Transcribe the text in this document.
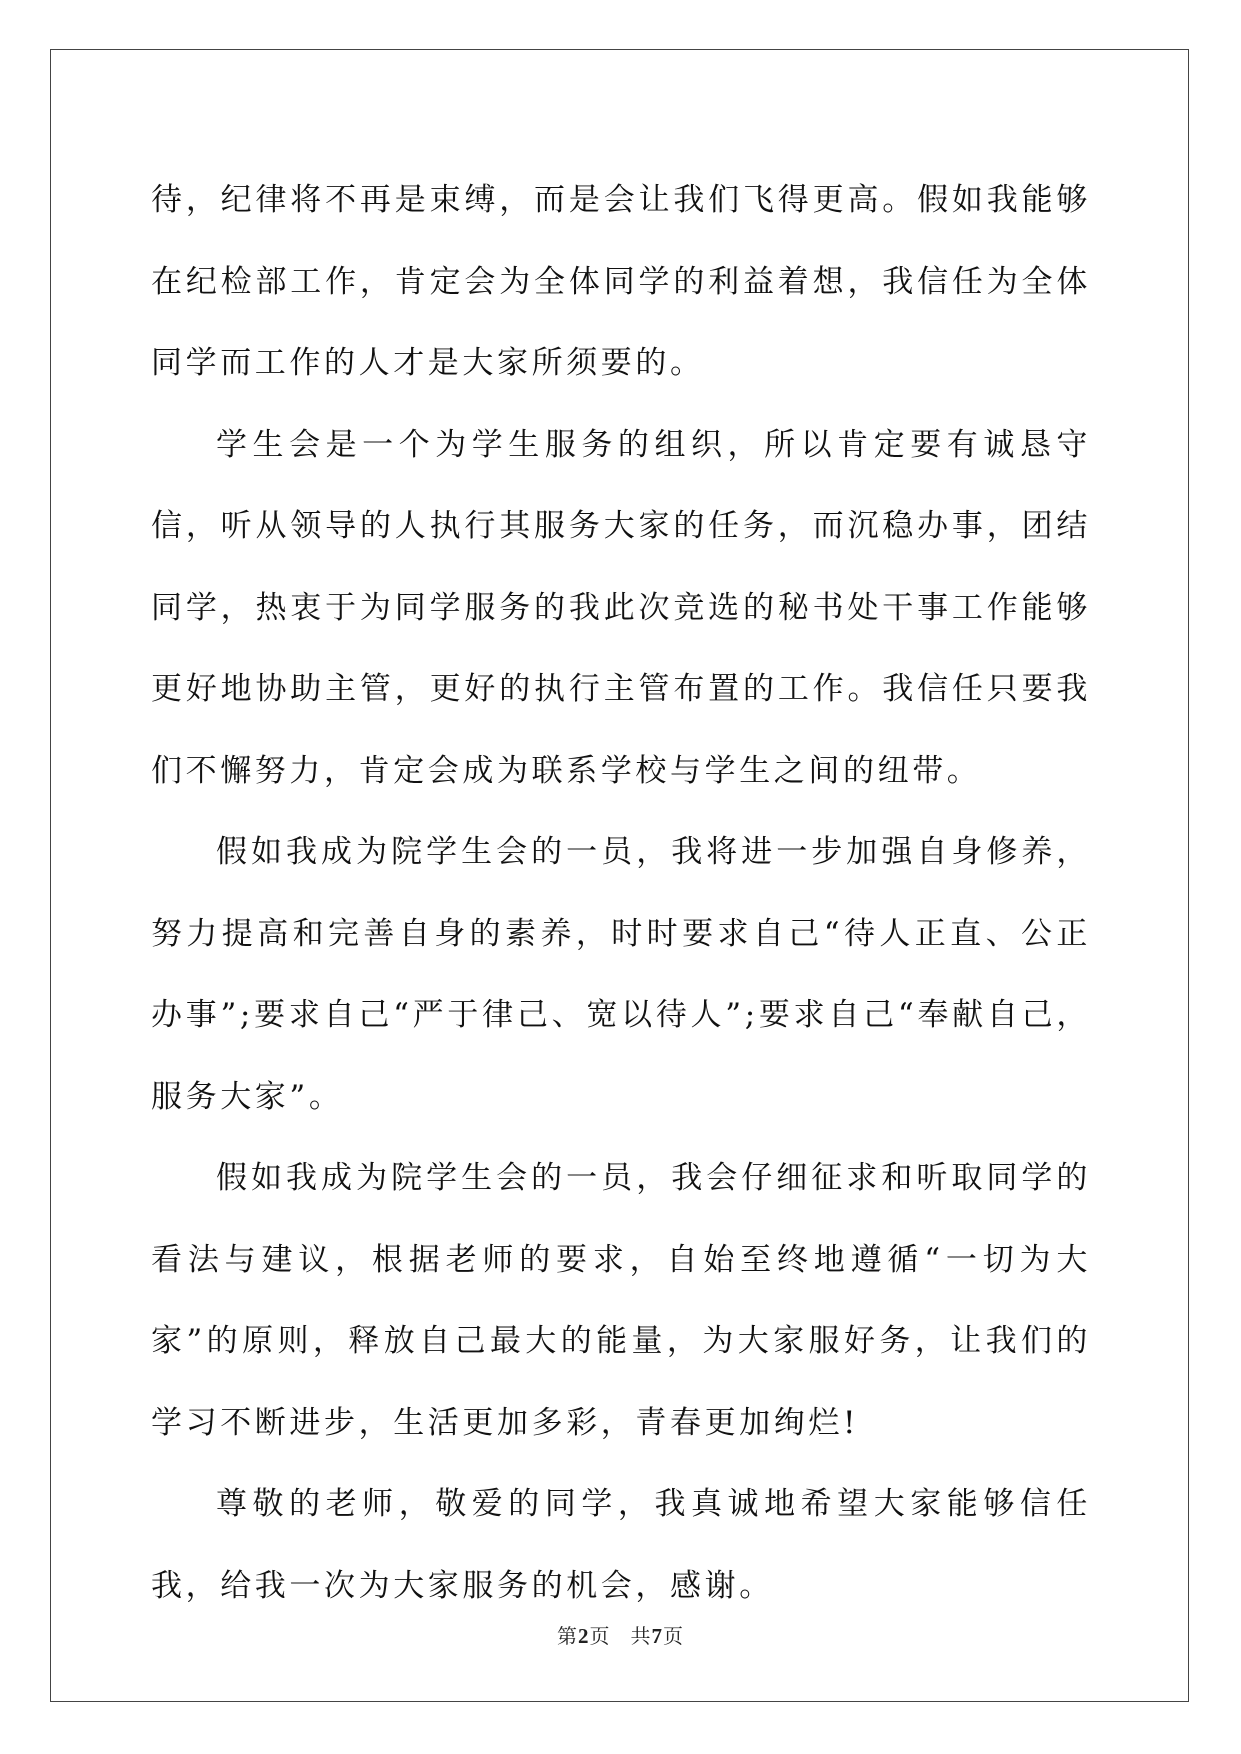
待，纪律将不再是束缚，而是会让我们飞得更高。假如我能够在纪检部工作，肯定会为全体同学的利益着想，我信任为全体同学而工作的人才是大家所须要的。

学生会是一个为学生服务的组织，所以肯定要有诚恳守信，听从领导的人执行其服务大家的任务，而沉稳办事，团结同学，热衷于为同学服务的我此次竞选的秘书处干事工作能够更好地协助主管，更好的执行主管布置的工作。我信任只要我们不懈努力，肯定会成为联系学校与学生之间的纽带。

假如我成为院学生会的一员，我将进一步加强自身修养，努力提高和完善自身的素养，时时要求自己“待人正直、公正办事”;要求自己“严于律己、宽以待人”;要求自己“奉献自己，服务大家”。

假如我成为院学生会的一员，我会仔细征求和听取同学的看法与建议，根据老师的要求，自始至终地遵循“一切为大家”的原则，释放自己最大的能量，为大家服好务，让我们的学习不断进步，生活更加多彩，青春更加绚烂!

尊敬的老师，敬爱的同学，我真诚地希望大家能够信任我，给我一次为大家服务的机会，感谢。

第2页 共7页
